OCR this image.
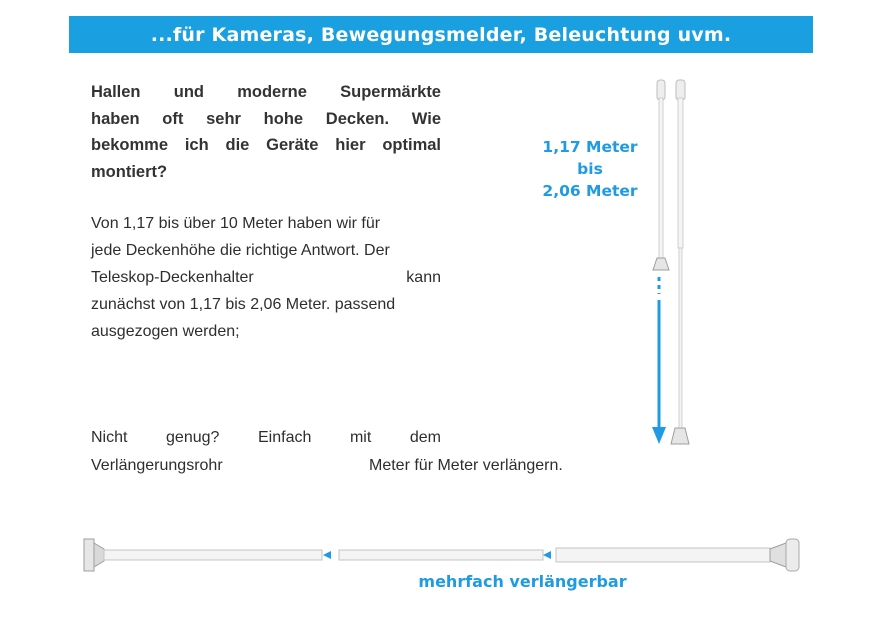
...für Kameras, Bewegungsmelder, Beleuchtung uvm.
Hallen und moderne Supermärkte
haben oft sehr hohe Decken. Wie
bekomme ich die Geräte hier optimal
montiert?
Von 1,17 bis über 10 Meter haben wir für
jede Deckenhöhe die richtige Antwort. Der
Teleskop-Deckenhalter kann
zunächst von 1,17 bis 2,06 Meter. passend
ausgezogen werden;
Nicht genug? Einfach mit dem
Verlängerungsrohr	Meter für Meter verlängern.
1,17 Meter
bis
2,06 Meter
mehrfach verlängerbar
